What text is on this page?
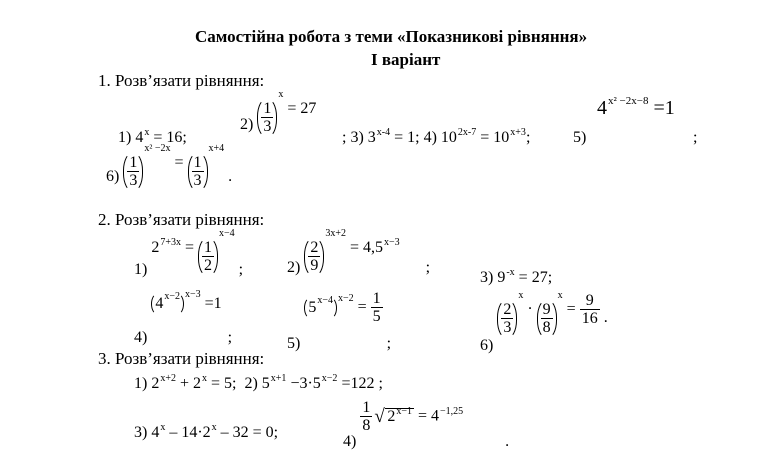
Самостійна робота з теми «Показникові рівняння»
І варіант
1. Розв’язати рівняння:
1) $4^x = 16$;
$2) \frac{1}{3}$
$^x$ = 27
; 3) $3^{x-4} = 1$; 4) $10^{2x-7} = 10^{x+3}$;	5)
$4^{x^2 -2x-8} =1$
;
$6) \frac{1}{3}$
$^{x^2 -2x} = \frac{1}{3}$
$^{x+4}$ .
2. Розв’язати рівняння:
1) $2^{7+3x} = \frac{1}{2}$
$^{x-4}$ ;	$2) \frac{2}{9}$
$^{3x+2} = 4,5^{x-3}$ ;
3) $9^{-x} = 27$;
4)
$4^{x-2}$ $^{x-3}$ =1 ;	5)
$5^{x-4}$ $^{x-2} = \frac{1}{5}$
;	6)
$\frac{2}{3}$
$^x \cdot \frac{9}{8}$
$^x = \frac{9}{16}$ .
3. Розв’язати рівняння:
1) $2^{x+2} + 2^x = 5$; 2) $5^{x+1} -3\cdot 5^{x-2} =122$ ;
3) $4^x - 14\cdot 2^x - 32 = 0$;
4)
$\frac{1}{8}$
√ $2^{x-1} = 4^{-1,25}$ .
